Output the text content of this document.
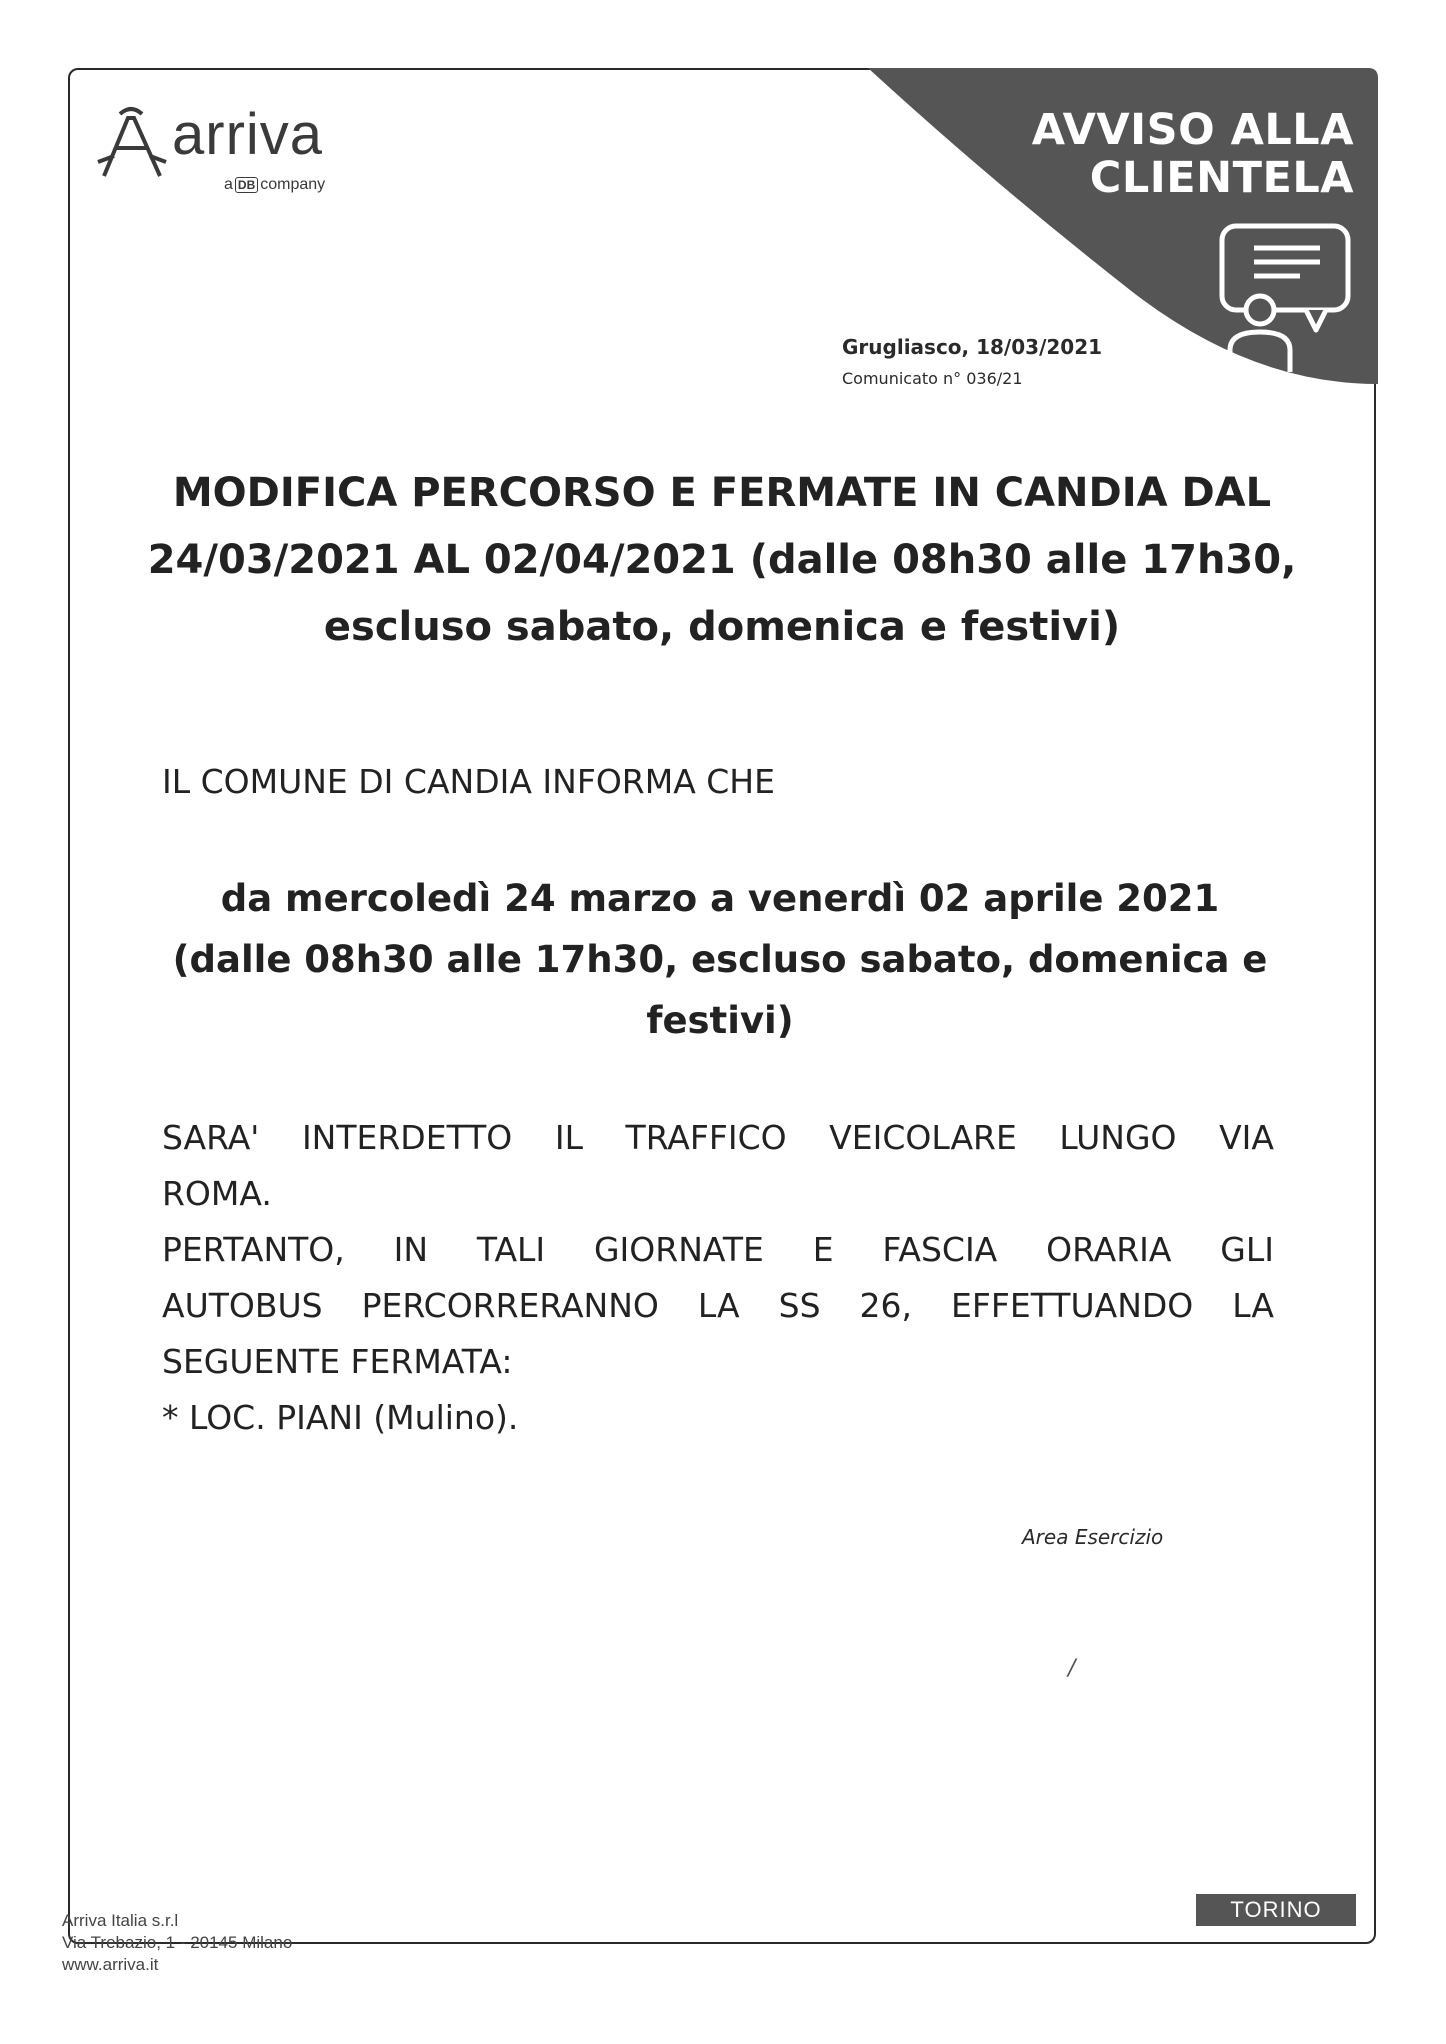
AVVISO ALLA
CLIENTELA
arriva
a DB company
Grugliasco, 18/03/2021
Comunicato n° 036/21
MODIFICA PERCORSO E FERMATE IN CANDIA DAL
24/03/2021 AL 02/04/2021 (dalle 08h30 alle 17h30,
escluso sabato, domenica e festivi)
IL COMUNE DI CANDIA INFORMA CHE
da mercoledì 24 marzo a venerdì 02 aprile 2021
(dalle 08h30 alle 17h30, escluso sabato, domenica e
festivi)
SARA' INTERDETTO IL TRAFFICO VEICOLARE LUNGO VIA
ROMA.
PERTANTO, IN TALI GIORNATE E FASCIA ORARIA GLI
AUTOBUS PERCORRERANNO LA SS 26, EFFETTUANDO LA
SEGUENTE FERMATA:
* LOC. PIANI (Mulino).
Area Esercizio
/
Arriva Italia s.r.l
Via Trebazio, 1 - 20145 Milano
www.arriva.it
TORINO
